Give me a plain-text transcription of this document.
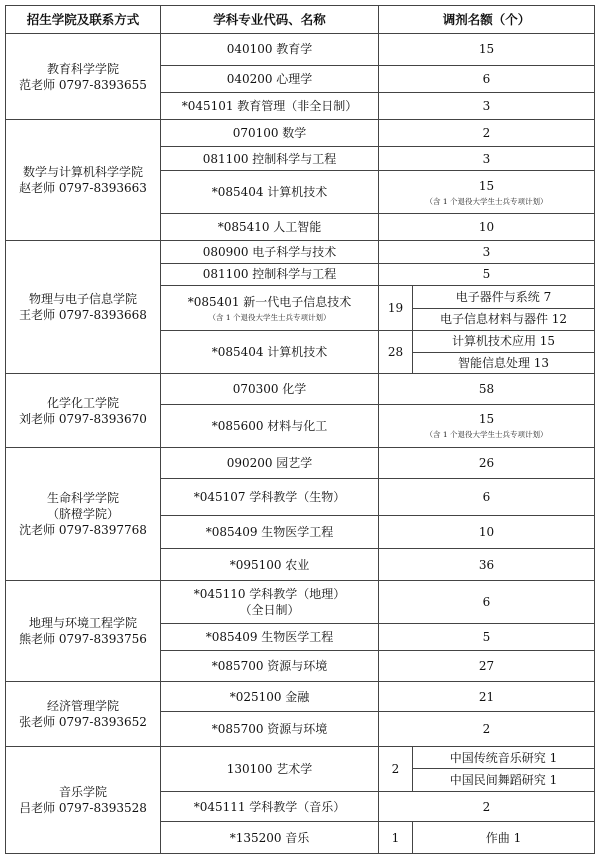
招生学院及联系方式	学科专业代码、名称	调剂名额（个）	

教育科学学院
范老师 0797-8393655	040100 教育学	15	
	040200 心理学	6	
	*045101 教育管理（非全日制）	3	

数学与计算机科学学院
赵老师 0797-8393663	070100 数学	2	
	081100 控制科学与工程	3	
	*085404 计算机技术	15
（含 1 个退役大学生士兵专项计划）	

	*085410 人工智能	10	

物理与电子信息学院
王老师 0797-8393668	080900 电子科学与技术	3	
	081100 控制科学与工程	5	
	*085401 新一代电子信息技术
（含 1 个退役大学生士兵专项计划）	19	电子器件与系统 7
			电子信息材料与器件 12
	*085404 计算机技术	28	计算机技术应用 15
			智能信息处理 13

化学化工学院
刘老师 0797-8393670	070300 化学	58	
	*085600 材料与化工	15
（含 1 个退役大学生士兵专项计划）	

生命科学学院
（脐橙学院）
沈老师 0797-8397768	090200 园艺学	26	
	*045107 学科教学（生物）	6	
	*085409 生物医学工程	10	
	*095100 农业	36	

地理与环境工程学院
熊老师 0797-8393756	*045110 学科教学（地理）
（全日制）	6	
	*085409 生物医学工程	5	
	*085700 资源与环境	27	

经济管理学院
张老师 0797-8393652	*025100 金融	21	
	*085700 资源与环境	2	

音乐学院
吕老师 0797-8393528	130100 艺术学	2	中国传统音乐研究 1
			中国民间舞蹈研究 1
	*045111 学科教学（音乐）	2	
	*135200 音乐	1	作曲 1
